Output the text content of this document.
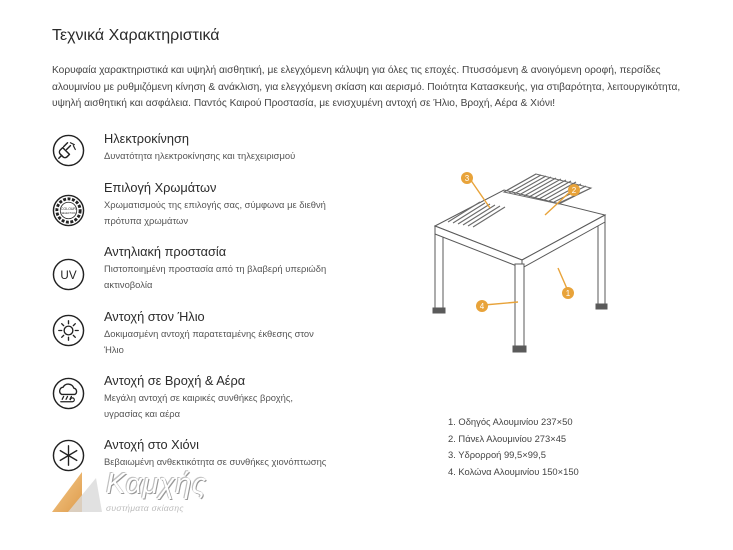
Τεχνικά Χαρακτηριστικά

Κορυφαία χαρακτηριστικά και υψηλή αισθητική, με ελεγχόμενη κάλυψη για όλες τις εποχές. Πτυσσόμενη & ανοιγόμενη οροφή, περσίδες αλουμινίου με ρυθμιζόμενη κίνηση & ανάκλιση, για ελεγχόμενη σκίαση και αερισμό. Ποιότητα Κατασκευής, για στιβαρότητα, λειτουργικότητα, υψηλή αισθητική και ασφάλεια. Παντός Καιρού Προστασία, με ενισχυμένη αντοχή σε Ήλιο, Βροχή, Αέρα & Χιόνι!

Ηλεκτροκίνηση
Δυνατότητα ηλεκτροκίνησης και τηλεχειρισμού
COLOUR
SELECTION
Επιλογή Χρωμάτων
Χρωματισμούς της επιλογής σας, σύμφωνα με διεθνή πρότυπα χρωμάτων
UV
Αντηλιακή προστασία
Πιστοποιημένη προστασία από τη βλαβερή υπεριώδη ακτινοβολία
Αντοχή στον Ήλιο
Δοκιμασμένη αντοχή παρατεταμένης έκθεσης στον Ήλιο
Αντοχή σε Βροχή & Αέρα
Μεγάλη αντοχή σε καιρικές συνθήκες βροχής, υγρασίας και αέρα
Αντοχή στο Χιόνι
Βεβαιωμένη ανθεκτικότητα σε συνθήκες χιονόπτωσης
3
2
1
4
1. Οδηγός Αλουμινίου 237×50
2. Πάνελ Αλουμινίου 273×45
3. Υδρορροή 99,5×99,5
4. Κολώνα Αλουμινίου 150×150
Καμχής
συστήματα σκίασης
